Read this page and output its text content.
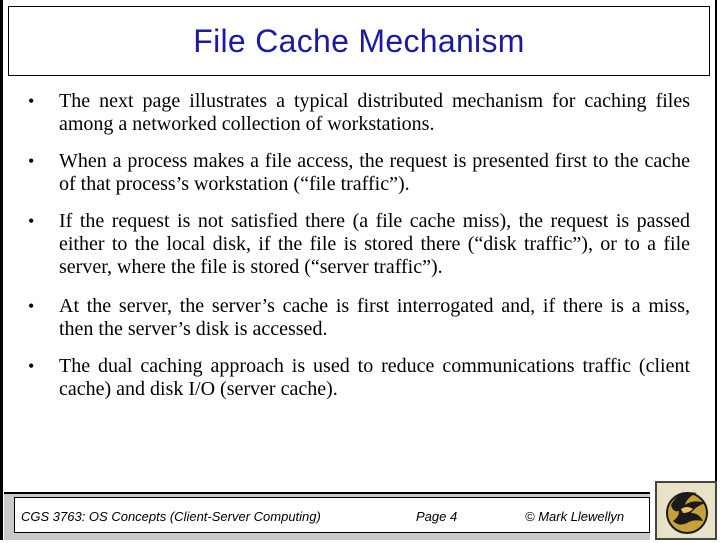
File Cache Mechanism
• The next page illustrates a typical distributed mechanism for caching files among a networked collection of workstations.
• When a process makes a file access, the request is presented first to the cache of that process’s workstation (“file traffic”).
• If the request is not satisfied there (a file cache miss), the request is passed either to the local disk, if the file is stored there (“disk traffic”), or to a file server, where the file is stored (“server traffic”).
• At the server, the server’s cache is first interrogated and, if there is a miss, then the server’s disk is accessed.
• The dual caching approach is used to reduce communications traffic (client cache) and disk I/O (server cache).
CGS 3763: OS Concepts (Client-Server Computing)	Page 4	© Mark Llewellyn
